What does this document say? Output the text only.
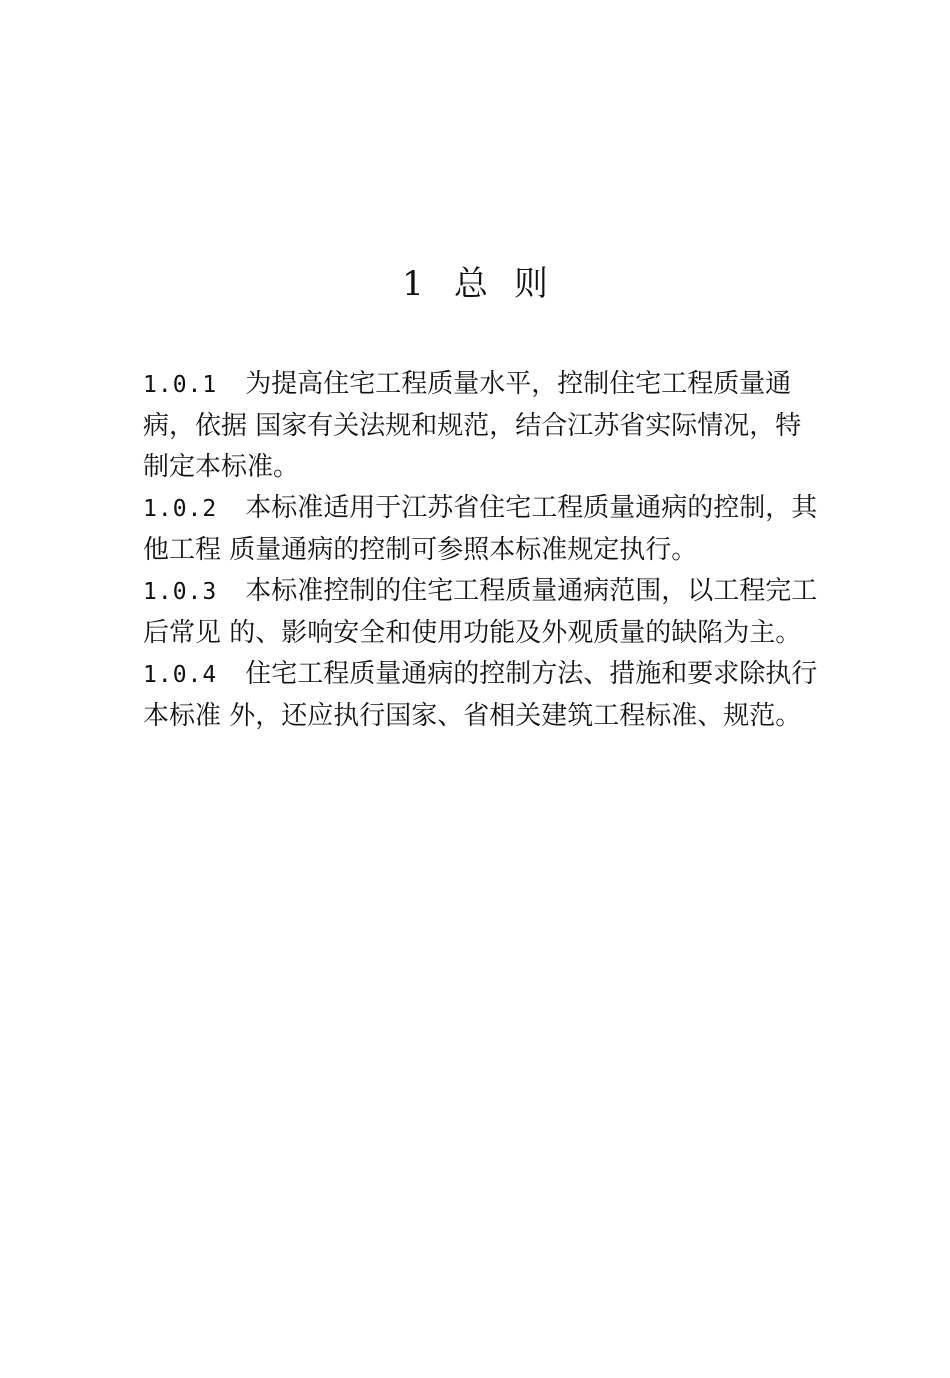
1 总 则

1.0.1 为提高住宅工程质量水平，控制住宅工程质量通病，依据 国家有关法规和规范，结合江苏省实际情况，特制定本标准。

1.0.2 本标准适用于江苏省住宅工程质量通病的控制，其他工程 质量通病的控制可参照本标准规定执行。

1.0.3 本标准控制的住宅工程质量通病范围，以工程完工后常见 的、影响安全和使用功能及外观质量的缺陷为主。

1.0.4 住宅工程质量通病的控制方法、措施和要求除执行本标准 外，还应执行国家、省相关建筑工程标准、规范。
